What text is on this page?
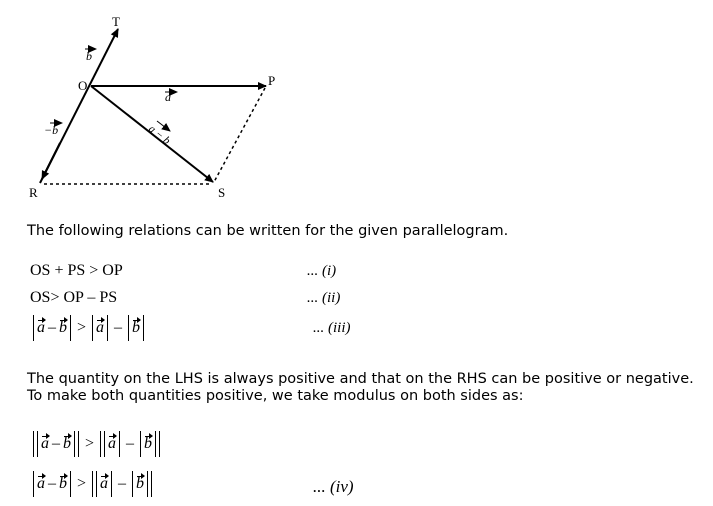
T
O	P
R	S
b
a
−b	a − b
The following relations can be written for the given parallelogram.
OS + PS > OP	... (i)
OS> OP – PS	... (ii)
a – b > a – b	... (iii)
The quantity on the LHS is always positive and that on the RHS can be positive or negative.
To make both quantities positive, we take modulus on both sides as:
a – b > a – b
a – b > a – b	... (iv)
